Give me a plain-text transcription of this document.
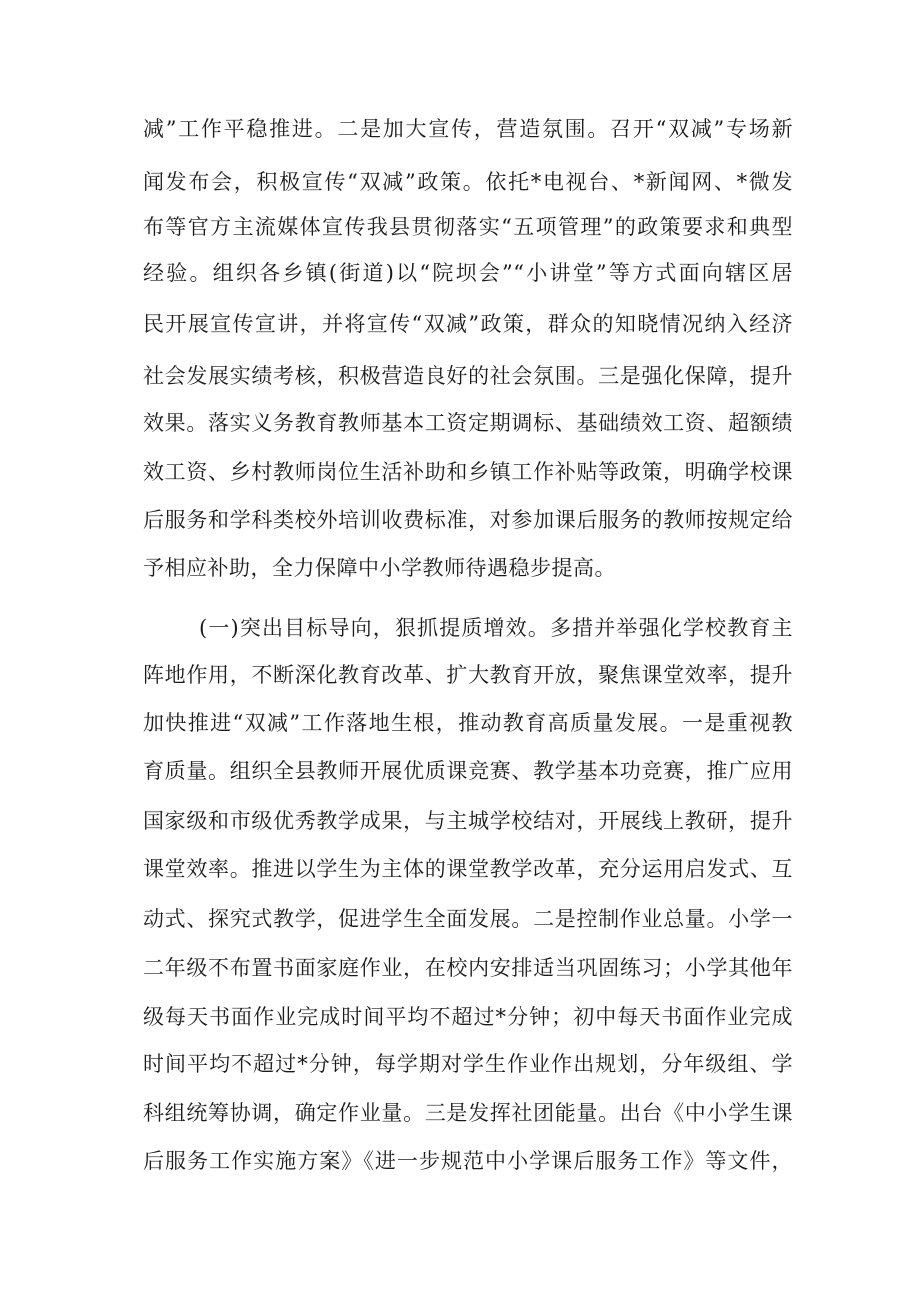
减”工作平稳推进。二是加大宣传，营造氛围。召开“双减”专场新
闻发布会，积极宣传“双减”政策。依托*电视台、*新闻网、*微发
布等官方主流媒体宣传我县贯彻落实“五项管理”的政策要求和典型
经验。组织各乡镇(街道)以“院坝会”“小讲堂”等方式面向辖区居
民开展宣传宣讲，并将宣传“双减”政策，群众的知晓情况纳入经济
社会发展实绩考核，积极营造良好的社会氛围。三是强化保障，提升
效果。落实义务教育教师基本工资定期调标、基础绩效工资、超额绩
效工资、乡村教师岗位生活补助和乡镇工作补贴等政策，明确学校课
后服务和学科类校外培训收费标准，对参加课后服务的教师按规定给
予相应补助，全力保障中小学教师待遇稳步提高。
(一)突出目标导向，狠抓提质增效。多措并举强化学校教育主
阵地作用，不断深化教育改革、扩大教育开放，聚焦课堂效率，提升
加快推进“双减”工作落地生根，推动教育高质量发展。一是重视教
育质量。组织全县教师开展优质课竞赛、教学基本功竞赛，推广应用
国家级和市级优秀教学成果，与主城学校结对，开展线上教研，提升
课堂效率。推进以学生为主体的课堂教学改革，充分运用启发式、互
动式、探究式教学，促进学生全面发展。二是控制作业总量。小学一
二年级不布置书面家庭作业，在校内安排适当巩固练习；小学其他年
级每天书面作业完成时间平均不超过*分钟；初中每天书面作业完成
时间平均不超过*分钟，每学期对学生作业作出规划，分年级组、学
科组统筹协调，确定作业量。三是发挥社团能量。出台《中小学生课
后服务工作实施方案》《进一步规范中小学课后服务工作》等文件，
